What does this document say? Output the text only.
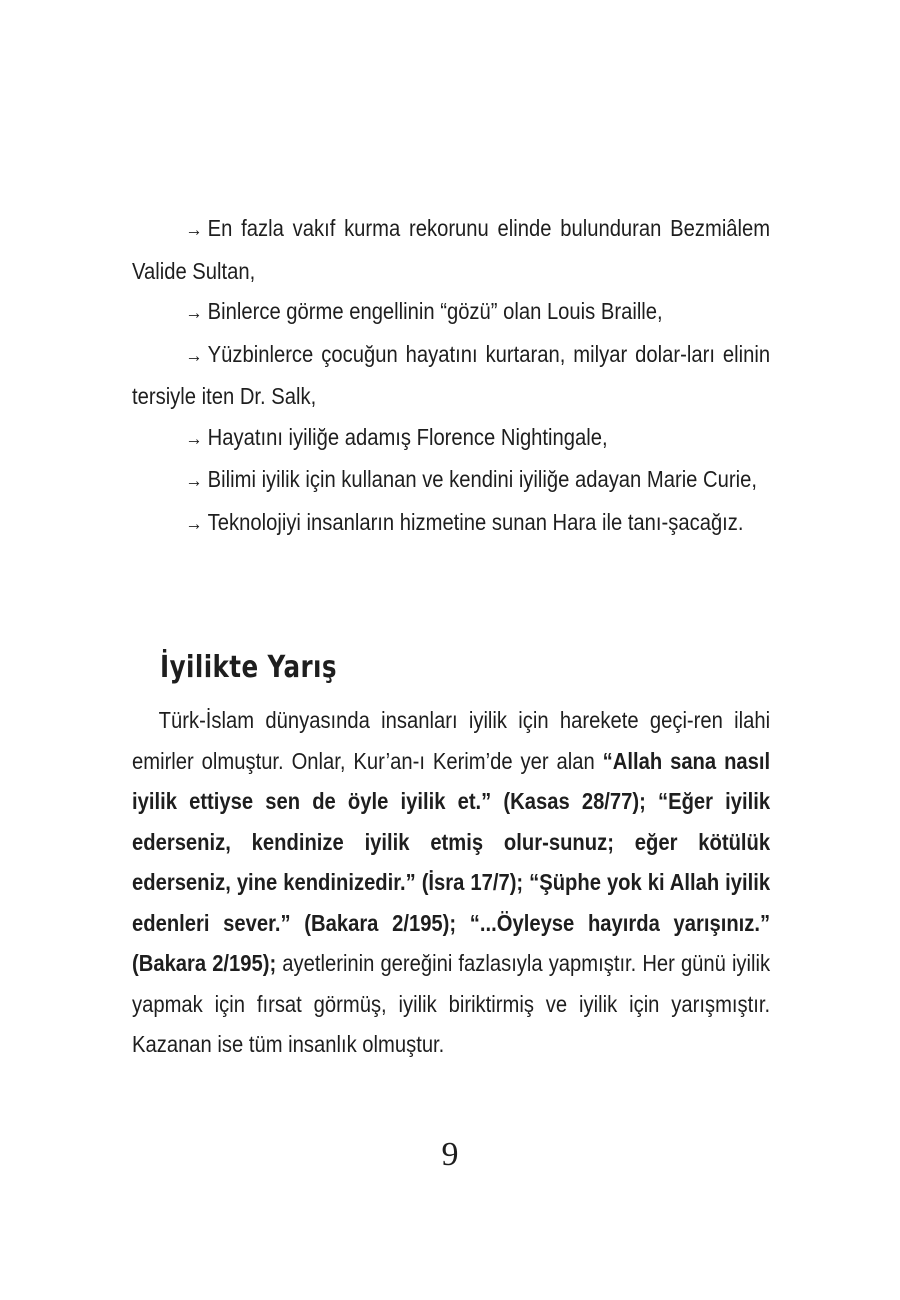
→ En fazla vakıf kurma rekorunu elinde bulunduran Bezmiâlem Valide Sultan,

→ Binlerce görme engellinin “gözü” olan Louis Braille,

→ Yüzbinlerce çocuğun hayatını kurtaran, milyar dolar-ları elinin tersiyle iten Dr. Salk,

→ Hayatını iyiliğe adamış Florence Nightingale,

→ Bilimi iyilik için kullanan ve kendini iyiliğe adayan Marie Curie,

→ Teknolojiyi insanların hizmetine sunan Hara ile tanı-şacağız.

İyilikte Yarış

Türk-İslam dünyasında insanları iyilik için harekete geçi-ren ilahi emirler olmuştur. Onlar, Kur’an-ı Kerim’de yer alan “Allah sana nasıl iyilik ettiyse sen de öyle iyilik et.” (Kasas 28/77); “Eğer iyilik ederseniz, kendinize iyilik etmiş olur-sunuz; eğer kötülük ederseniz, yine kendinizedir.” (İsra 17/7); “Şüphe yok ki Allah iyilik edenleri sever.” (Bakara 2/195); “...Öyleyse hayırda yarışınız.” (Bakara 2/195); ayetlerinin gereğini fazlasıyla yapmıştır. Her günü iyilik yapmak için fırsat görmüş, iyilik biriktirmiş ve iyilik için yarışmıştır. Kazanan ise tüm insanlık olmuştur.

9
